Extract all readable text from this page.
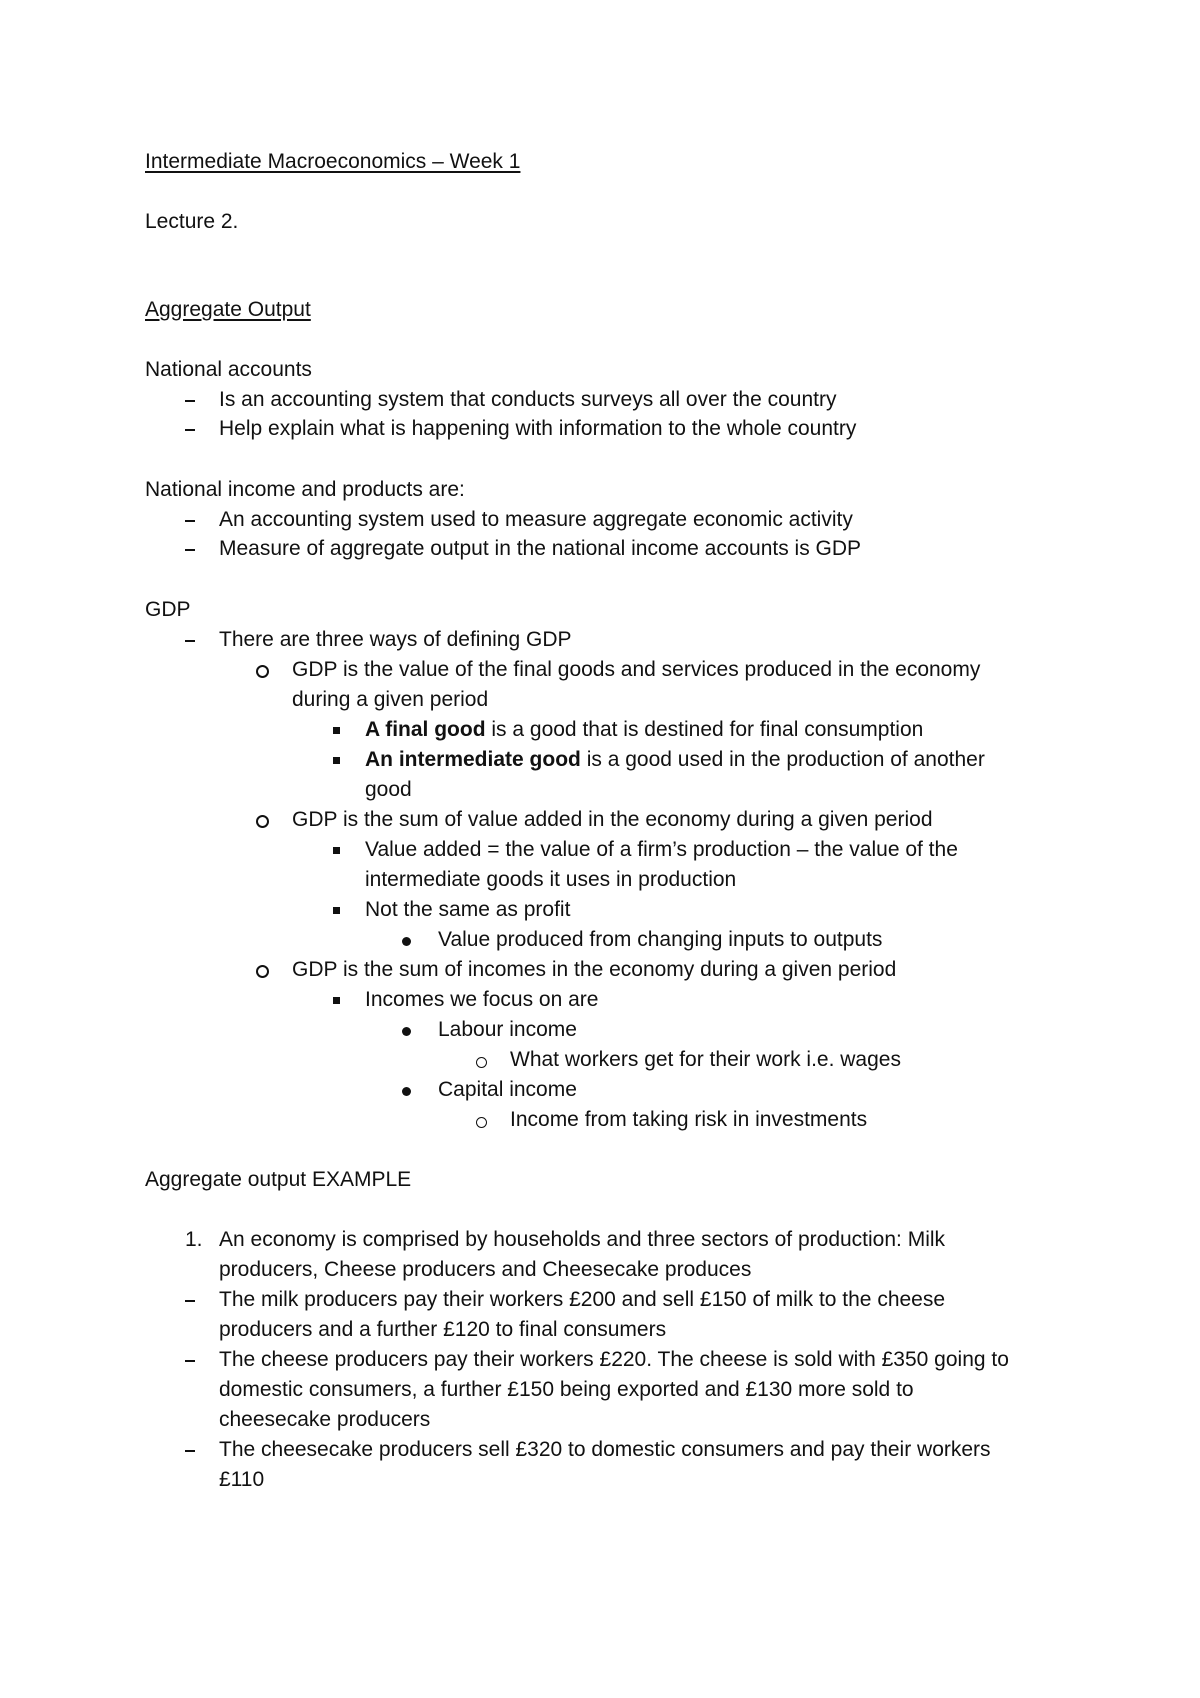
Intermediate Macroeconomics – Week 1
Lecture 2.
Aggregate Output
National accounts
Is an accounting system that conducts surveys all over the country
Help explain what is happening with information to the whole country
National income and products are:
An accounting system used to measure aggregate economic activity
Measure of aggregate output in the national income accounts is GDP
GDP
There are three ways of defining GDP
GDP is the value of the final goods and services produced in the economy
during a given period
A final good is a good that is destined for final consumption
An intermediate good is a good used in the production of another
good
GDP is the sum of value added in the economy during a given period
Value added = the value of a firm’s production – the value of the
intermediate goods it uses in production
Not the same as profit
Value produced from changing inputs to outputs
GDP is the sum of incomes in the economy during a given period
Incomes we focus on are
Labour income
What workers get for their work i.e. wages
Capital income
Income from taking risk in investments
Aggregate output EXAMPLE
1. An economy is comprised by households and three sectors of production: Milk
producers, Cheese producers and Cheesecake produces
The milk producers pay their workers £200 and sell £150 of milk to the cheese
producers and a further £120 to final consumers
The cheese producers pay their workers £220. The cheese is sold with £350 going to
domestic consumers, a further £150 being exported and £130 more sold to
cheesecake producers
The cheesecake producers sell £320 to domestic consumers and pay their workers
£110
